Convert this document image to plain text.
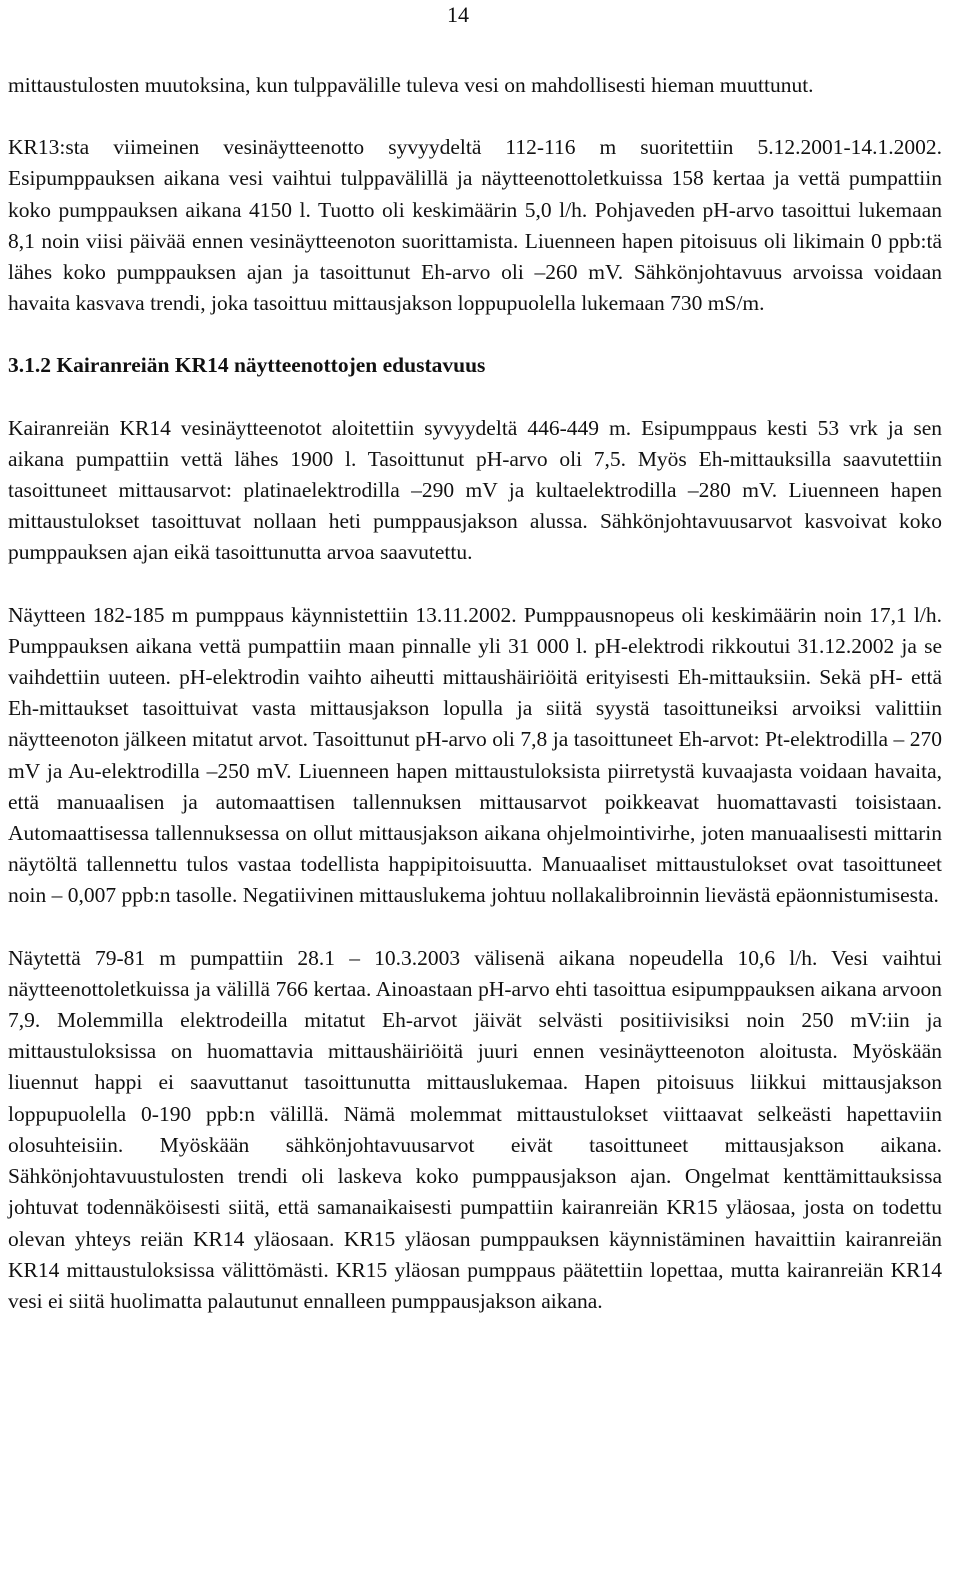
14

mittaustulosten muutoksina, kun tulppavälille tuleva vesi on mahdollisesti hieman muuttunut.

KR13:sta viimeinen vesinäytteenotto syvyydeltä 112-116 m suoritettiin 5.12.2001-14.1.2002. Esipumppauksen aikana vesi vaihtui tulppavälillä ja näytteenottoletkuissa 158 kertaa ja vettä pumpattiin koko pumppauksen aikana 4150 l. Tuotto oli keskimäärin 5,0 l/h. Pohjaveden pH-arvo tasoittui lukemaan 8,1 noin viisi päivää ennen vesinäytteenoton suorittamista. Liuenneen hapen pitoisuus oli likimain 0 ppb:tä lähes koko pumppauksen ajan ja tasoittunut Eh-arvo oli –260 mV. Sähkönjohtavuus arvoissa voidaan havaita kasvava trendi, joka tasoittuu mittausjakson loppupuolella lukemaan 730 mS/m.

3.1.2 Kairanreiän KR14 näytteenottojen edustavuus

Kairanreiän KR14 vesinäytteenotot aloitettiin syvyydeltä 446-449 m. Esipumppaus kesti 53 vrk ja sen aikana pumpattiin vettä lähes 1900 l. Tasoittunut pH-arvo oli 7,5. Myös Eh-mittauksilla saavutettiin tasoittuneet mittausarvot: platinaelektrodilla –290 mV ja kultaelektrodilla –280 mV. Liuenneen hapen mittaustulokset tasoittuvat nollaan heti pumppausjakson alussa. Sähkönjohtavuusarvot kasvoivat koko pumppauksen ajan eikä tasoittunutta arvoa saavutettu.

Näytteen 182-185 m pumppaus käynnistettiin 13.11.2002. Pumppausnopeus oli keskimäärin noin 17,1 l/h. Pumppauksen aikana vettä pumpattiin maan pinnalle yli 31 000 l. pH-elektrodi rikkoutui 31.12.2002 ja se vaihdettiin uuteen. pH-elektrodin vaihto aiheutti mittaushäiriöitä erityisesti Eh-mittauksiin. Sekä pH- että Eh-mittaukset tasoittuivat vasta mittausjakson lopulla ja siitä syystä tasoittuneiksi arvoiksi valittiin näytteenoton jälkeen mitatut arvot. Tasoittunut pH-arvo oli 7,8 ja tasoittuneet Eh-arvot: Pt-elektrodilla – 270 mV ja Au-elektrodilla –250 mV. Liuenneen hapen mittaustuloksista piirretystä kuvaajasta voidaan havaita, että manuaalisen ja automaattisen tallennuksen mittausarvot poikkeavat huomattavasti toisistaan. Automaattisessa tallennuksessa on ollut mittausjakson aikana ohjelmointivirhe, joten manuaalisesti mittarin näytöltä tallennettu tulos vastaa todellista happipitoisuutta. Manuaaliset mittaustulokset ovat tasoittuneet noin – 0,007 ppb:n tasolle. Negatiivinen mittauslukema johtuu nollakalibroinnin lievästä epäonnistumisesta.

Näytettä 79-81 m pumpattiin 28.1 – 10.3.2003 välisenä aikana nopeudella 10,6 l/h. Vesi vaihtui näytteenottoletkuissa ja välillä 766 kertaa. Ainoastaan pH-arvo ehti tasoittua esipumppauksen aikana arvoon 7,9. Molemmilla elektrodeilla mitatut Eh-arvot jäivät selvästi positiivisiksi noin 250 mV:iin ja mittaustuloksissa on huomattavia mittaushäiriöitä juuri ennen vesinäytteenoton aloitusta. Myöskään liuennut happi ei saavuttanut tasoittunutta mittauslukemaa. Hapen pitoisuus liikkui mittausjakson loppupuolella 0-190 ppb:n välillä. Nämä molemmat mittaustulokset viittaavat selkeästi hapettaviin olosuhteisiin. Myöskään sähkönjohtavuusarvot eivät tasoittuneet mittausjakson aikana. Sähkönjohtavuustulosten trendi oli laskeva koko pumppausjakson ajan. Ongelmat kenttämittauksissa johtuvat todennäköisesti siitä, että samanaikaisesti pumpattiin kairanreiän KR15 yläosaa, josta on todettu olevan yhteys reiän KR14 yläosaan. KR15 yläosan pumppauksen käynnistäminen havaittiin kairanreiän KR14 mittaustuloksissa välittömästi. KR15 yläosan pumppaus päätettiin lopettaa, mutta kairanreiän KR14 vesi ei siitä huolimatta palautunut ennalleen pumppausjakson aikana.
